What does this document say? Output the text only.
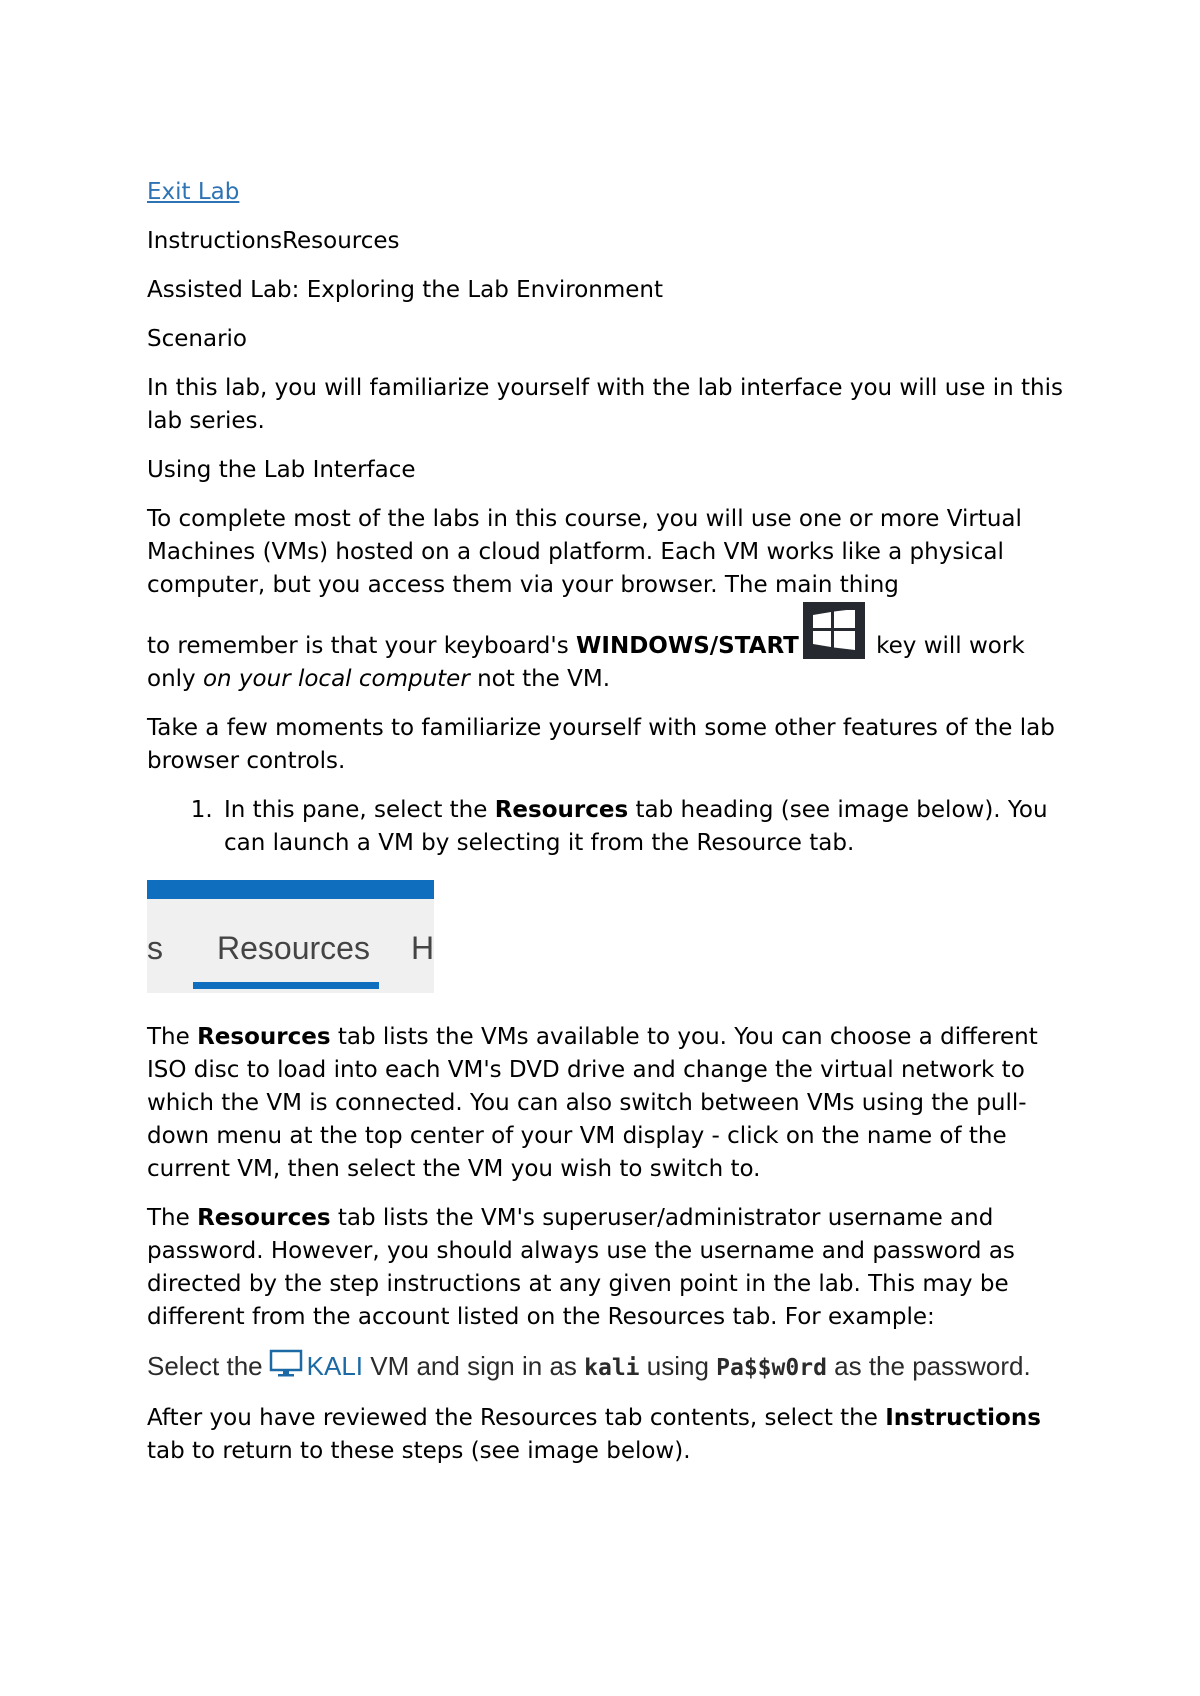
Exit Lab

InstructionsResources

Assisted Lab: Exploring the Lab Environment

Scenario

In this lab, you will familiarize yourself with the lab interface you will use in this lab series.

Using the Lab Interface

To complete most of the labs in this course, you will use one or more Virtual Machines (VMs) hosted on a cloud platform. Each VM works like a physical computer, but you access them via your browser. The main thing
to remember is that your keyboard's WINDOWS/START	key will work only on your local computer not the VM.

Take a few moments to familiarize yourself with some other features of the lab browser controls.

1. In this pane, select the Resources tab heading (see image below). You can launch a VM by selecting it from the Resource tab.
s Resources H

The Resources tab lists the VMs available to you. You can choose a different ISO disc to load into each VM's DVD drive and change the virtual network to which the VM is connected. You can also switch between VMs using the pull-down menu at the top center of your VM display - click on the name of the current VM, then select the VM you wish to switch to.

The Resources tab lists the VM's superuser/administrator username and password. However, you should always use the username and password as directed by the step instructions at any given point in the lab. This may be different from the account listed on the Resources tab. For example:

Select the KALI VM and sign in as kali using Pa$$w0rd as the password.

After you have reviewed the Resources tab contents, select the Instructions tab to return to these steps (see image below).
